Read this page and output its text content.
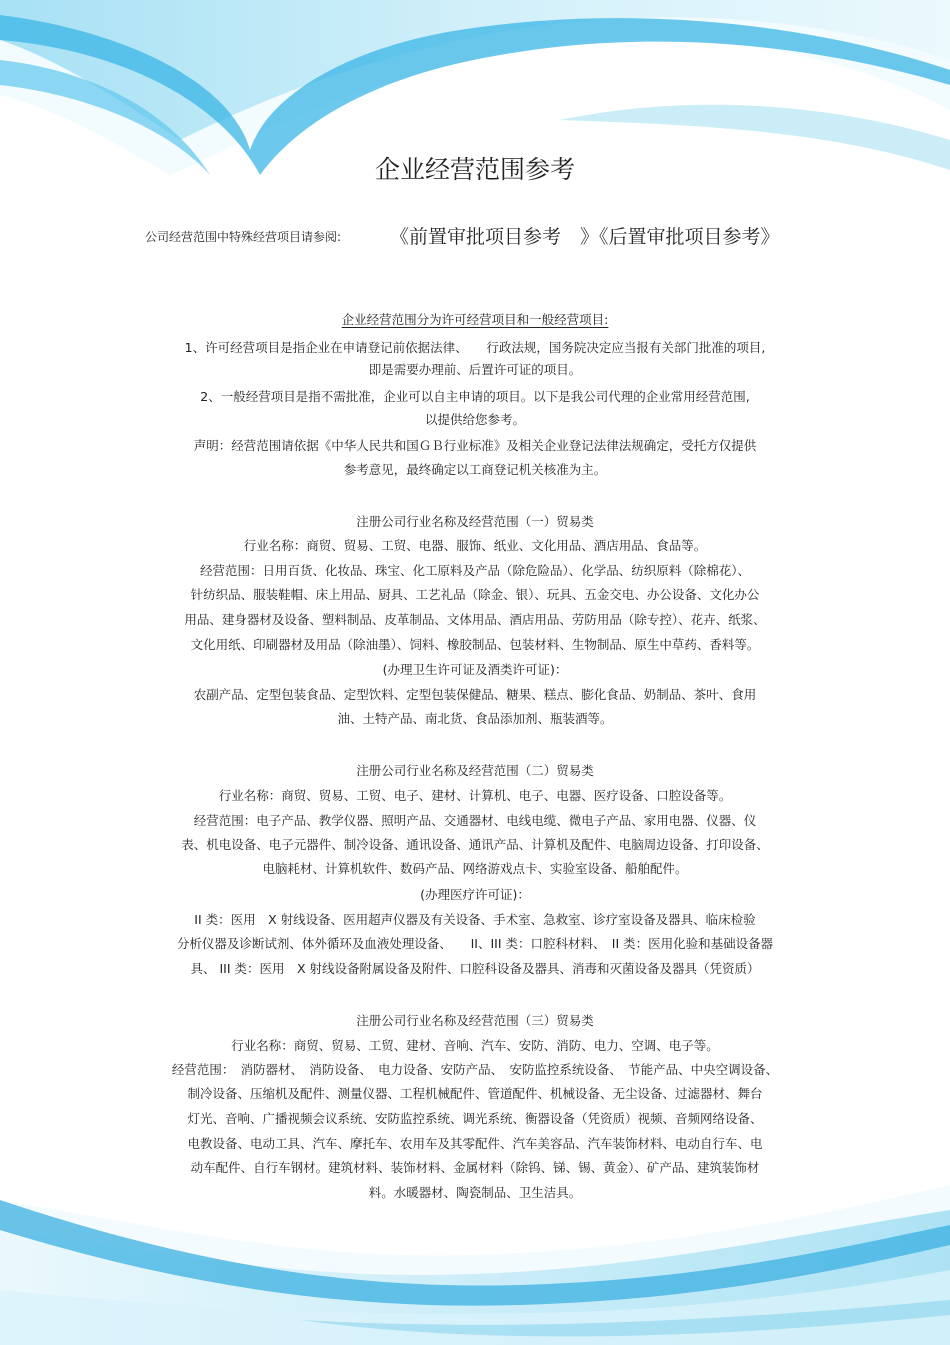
企业经营范围参考
公司经营范围中特殊经营项目请参阅:	《前置审批项目参考　》《后置审批项目参考》
企业经营范围分为许可经营项目和一般经营项目:
1、许可经营项目是指企业在申请登记前依据法律、　　行政法规，国务院决定应当报有关部门批准的项目,
即是需要办理前、后置许可证的项目。
2、一般经营项目是指不需批准，企业可以自主申请的项目。以下是我公司代理的企业常用经营范围,
以提供给您参考。
声明：经营范围请依据《中华人民共和国ＧＢ行业标准》及相关企业登记法律法规确定，受托方仅提供
参考意见，最终确定以工商登记机关核准为主。
注册公司行业名称及经营范围（一）贸易类
行业名称：商贸、贸易、工贸、电器、服饰、纸业、文化用品、酒店用品、食品等。
经营范围：日用百货、化妆品、珠宝、化工原料及产品（除危险品）、化学品、纺织原料（除棉花）、
针纺织品、服装鞋帽、床上用品、厨具、工艺礼品（除金、银）、玩具、五金交电、办公设备、文化办公
用品、建身器材及设备、塑料制品、皮革制品、文体用品、酒店用品、劳防用品（除专控）、花卉、纸浆、
文化用纸、印刷器材及用品（除油墨）、饲料、橡胶制品、包装材料、生物制品、原生中草药、香料等。
(办理卫生许可证及酒类许可证)：
农副产品、定型包装食品、定型饮料、定型包装保健品、糖果、糕点、膨化食品、奶制品、茶叶、食用
油、土特产品、南北货、食品添加剂、瓶装酒等。
注册公司行业名称及经营范围（二）贸易类
行业名称：商贸、贸易、工贸、电子、建材、计算机、电子、电器、医疗设备、口腔设备等。
经营范围：电子产品、教学仪器、照明产品、交通器材、电线电缆、微电子产品、家用电器、仪器、仪
表、机电设备、电子元器件、制冷设备、通讯设备、通讯产品、计算机及配件、电脑周边设备、打印设备、
电脑耗材、计算机软件、数码产品、网络游戏点卡、实验室设备、船舶配件。
(办理医疗许可证)：
II 类：医用　X 射线设备、医用超声仪器及有关设备、手术室、急救室、诊疗室设备及器具、临床检验
分析仪器及诊断试剂、体外循环及血液处理设备、　　II、III 类：口腔科材料、　II 类：医用化验和基础设备器
具、 III 类：医用　X 射线设备附属设备及附件、口腔科设备及器具、消毒和灭菌设备及器具（凭资质）
注册公司行业名称及经营范围（三）贸易类
行业名称：商贸、贸易、工贸、建材、音响、汽车、安防、消防、电力、空调、电子等。
经营范围：　消防器材、　消防设备、　电力设备、安防产品、　安防监控系统设备、　节能产品、中央空调设备、
制冷设备、压缩机及配件、测量仪器、工程机械配件、管道配件、机械设备、无尘设备、过滤器材、舞台
灯光、音响、广播视频会议系统、安防监控系统、调光系统、衡器设备（凭资质）视频、音频网络设备、
电教设备、电动工具、汽车、摩托车、农用车及其零配件、汽车美容品、汽车装饰材料、电动自行车、电
动车配件、自行车钢材。建筑材料、装饰材料、金属材料（除钨、锑、锡、黄金）、矿产品、建筑装饰材
料。水暖器材、陶瓷制品、卫生洁具。
